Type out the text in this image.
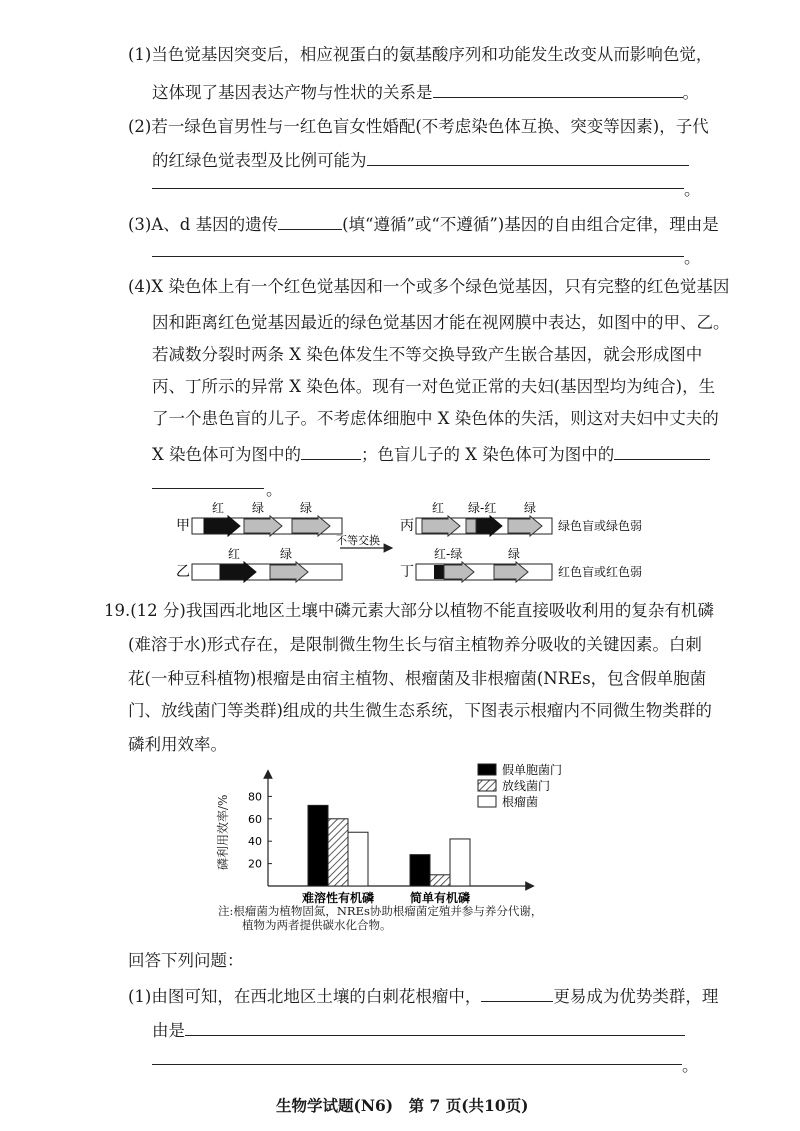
(1)当色觉基因突变后，相应视蛋白的氨基酸序列和功能发生改变从而影响色觉，
这体现了基因表达产物与性状的关系是	。
(2)若一绿色盲男性与一红色盲女性婚配(不考虑染色体互换、突变等因素)，子代
的红绿色觉表型及比例可能为
。
(3)A、d 基因的遗传	(填“遵循”或“不遵循”)基因的自由组合定律，理由是
。
(4)X 染色体上有一个红色觉基因和一个或多个绿色觉基因，只有完整的红色觉基因
因和距离红色觉基因最近的绿色觉基因才能在视网膜中表达，如图中的甲、乙。
若减数分裂时两条 X 染色体发生不等交换导致产生嵌合基因，就会形成图中
丙、丁所示的异常 X 染色体。现有一对色觉正常的夫妇(基因型均为纯合)，生
了一个患色盲的儿子。不考虑体细胞中 X 染色体的失活，则这对夫妇中丈夫的
X 染色体可为图中的	；色盲儿子的 X 染色体可为图中的
。
甲
红 绿	绿
乙
红	绿
不等交换
丙
红 绿-红 绿
绿色盲或绿色弱
丁
红-绿	绿
红色盲或红色弱
19.(12 分)我国西北地区土壤中磷元素大部分以植物不能直接吸收利用的复杂有机磷
(难溶于水)形式存在，是限制微生物生长与宿主植物养分吸收的关键因素。白刺
花(一种豆科植物)根瘤是由宿主植物、根瘤菌及非根瘤菌(NREs，包含假单胞菌
门、放线菌门等类群)组成的共生微生态系统，下图表示根瘤内不同微生物类群的
磷利用效率。
20
40
60
80
难溶性有机磷	简单有机磷
假单胞菌门
放线菌门
根瘤菌
磷利用效率/%
注:根瘤菌为植物固氮，NREs协助根瘤菌定殖并参与养分代谢，
植物为两者提供碳水化合物。
回答下列问题：
(1)由图可知，在西北地区土壤的白刺花根瘤中，	更易成为优势类群，理
由是
。
生物学试题(N6)　第 7 页(共10页)
